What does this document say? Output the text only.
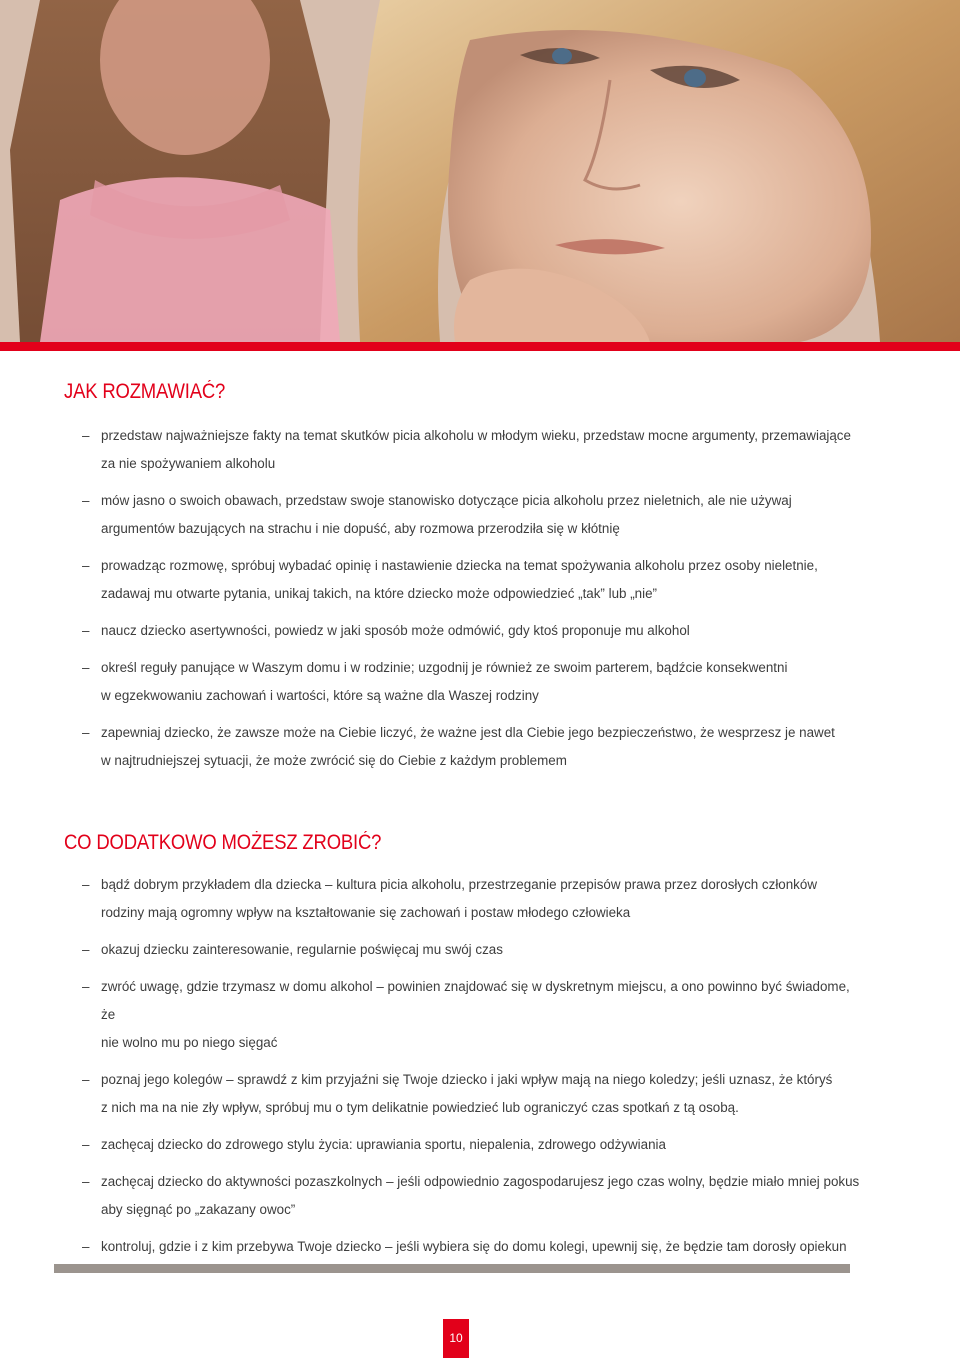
JAK ROZMAWIAĆ?
– przedstaw najważniejsze fakty na temat skutków picia alkoholu w młodym wieku, przedstaw mocne argumenty, przemawiające
za nie spożywaniem alkoholu
– mów jasno o swoich obawach, przedstaw swoje stanowisko dotyczące picia alkoholu przez nieletnich, ale nie używaj
argumentów bazujących na strachu i nie dopuść, aby rozmowa przerodziła się w kłótnię
– prowadząc rozmowę, spróbuj wybadać opinię i nastawienie dziecka na temat spożywania alkoholu przez osoby nieletnie,
zadawaj mu otwarte pytania, unikaj takich, na które dziecko może odpowiedzieć „tak” lub „nie”
– naucz dziecko asertywności, powiedz w jaki sposób może odmówić, gdy ktoś proponuje mu alkohol
– określ reguły panujące w Waszym domu i w rodzinie; uzgodnij je również ze swoim parterem, bądźcie konsekwentni
w egzekwowaniu zachowań i wartości, które są ważne dla Waszej rodziny
– zapewniaj dziecko, że zawsze może na Ciebie liczyć, że ważne jest dla Ciebie jego bezpieczeństwo, że wesprzesz je nawet
w najtrudniejszej sytuacji, że może zwrócić się do Ciebie z każdym problemem
CO DODATKOWO MOŻESZ ZROBIĆ?
– bądź dobrym przykładem dla dziecka – kultura picia alkoholu, przestrzeganie przepisów prawa przez dorosłych członków
rodziny mają ogromny wpływ na kształtowanie się zachowań i postaw młodego człowieka
– okazuj dziecku zainteresowanie, regularnie poświęcaj mu swój czas
– zwróć uwagę, gdzie trzymasz w domu alkohol – powinien znajdować się w dyskretnym miejscu, a ono powinno być świadome, że
nie wolno mu po niego sięgać
– poznaj jego kolegów – sprawdź z kim przyjaźni się Twoje dziecko i jaki wpływ mają na niego koledzy; jeśli uznasz, że któryś
z nich ma na nie zły wpływ, spróbuj mu o tym delikatnie powiedzieć lub ograniczyć czas spotkań z tą osobą.
– zachęcaj dziecko do zdrowego stylu życia: uprawiania sportu, niepalenia, zdrowego odżywiania
– zachęcaj dziecko do aktywności pozaszkolnych – jeśli odpowiednio zagospodarujesz jego czas wolny, będzie miało mniej pokus
aby sięgnąć po „zakazany owoc”
– kontroluj, gdzie i z kim przebywa Twoje dziecko – jeśli wybiera się do domu kolegi, upewnij się, że będzie tam dorosły opiekun
10
